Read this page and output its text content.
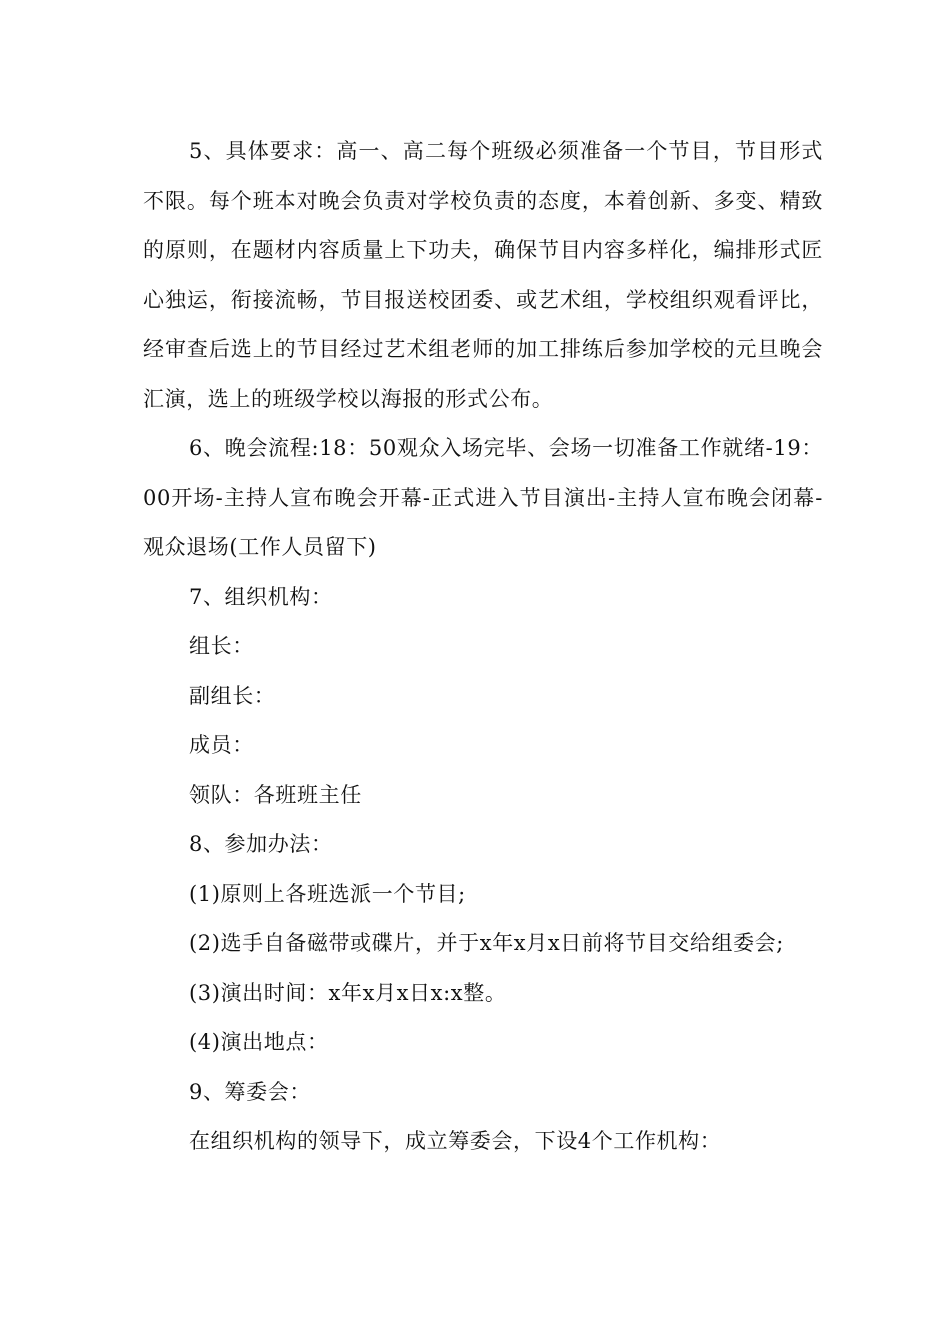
5、具体要求：高一、高二每个班级必须准备一个节目，节目形式不限。每个班本对晚会负责对学校负责的态度，本着创新、多变、精致的原则，在题材内容质量上下功夫，确保节目内容多样化，编排形式匠心独运，衔接流畅，节目报送校团委、或艺术组，学校组织观看评比，经审查后选上的节目经过艺术组老师的加工排练后参加学校的元旦晚会汇演，选上的班级学校以海报的形式公布。

6、晚会流程:18：50观众入场完毕、会场一切准备工作就绪-19：00开场-主持人宣布晚会开幕-正式进入节目演出-主持人宣布晚会闭幕-观众退场(工作人员留下)

7、组织机构：

组长：

副组长：

成员：

领队：各班班主任

8、参加办法：

(1)原则上各班选派一个节目;

(2)选手自备磁带或碟片，并于x年x月x日前将节目交给组委会;

(3)演出时间：x年x月x日x:x整。

(4)演出地点：

9、筹委会：

在组织机构的领导下，成立筹委会，下设4个工作机构：
